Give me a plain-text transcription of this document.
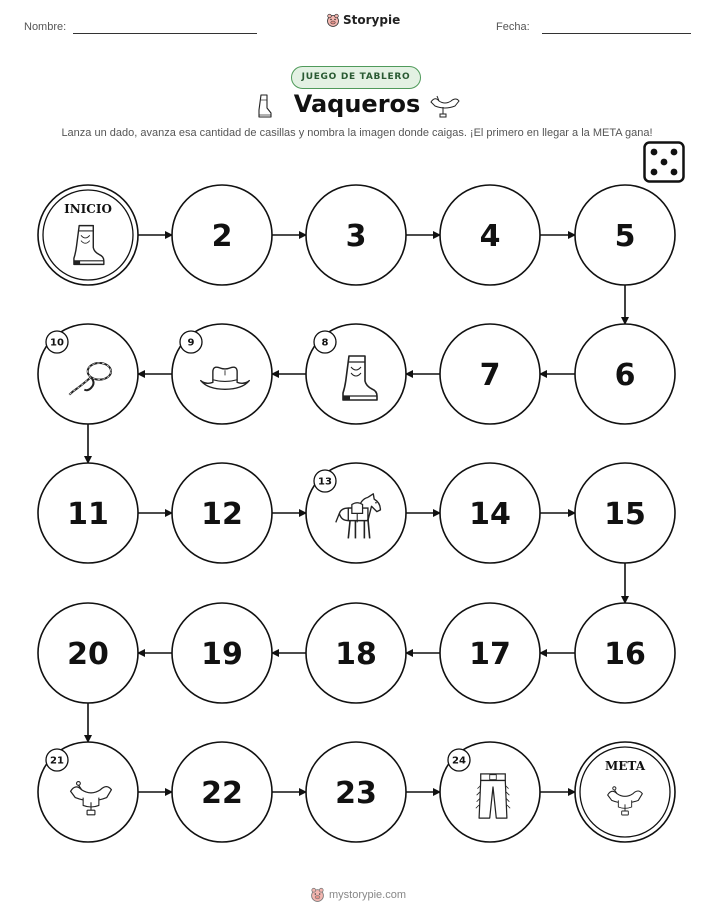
Nombre:	Fecha:
Storypie
JUEGO DE TABLERO
Vaqueros
Lanza un dado, avanza esa cantidad de casillas y nombra la imagen donde caigas. ¡El primero en llegar a la META gana!
INICIO
2	3	4	5
10	9	8
7	6
11	12
13
14	15
20	19	18	17	16
21
22	23
24	META
mystorypie.com
